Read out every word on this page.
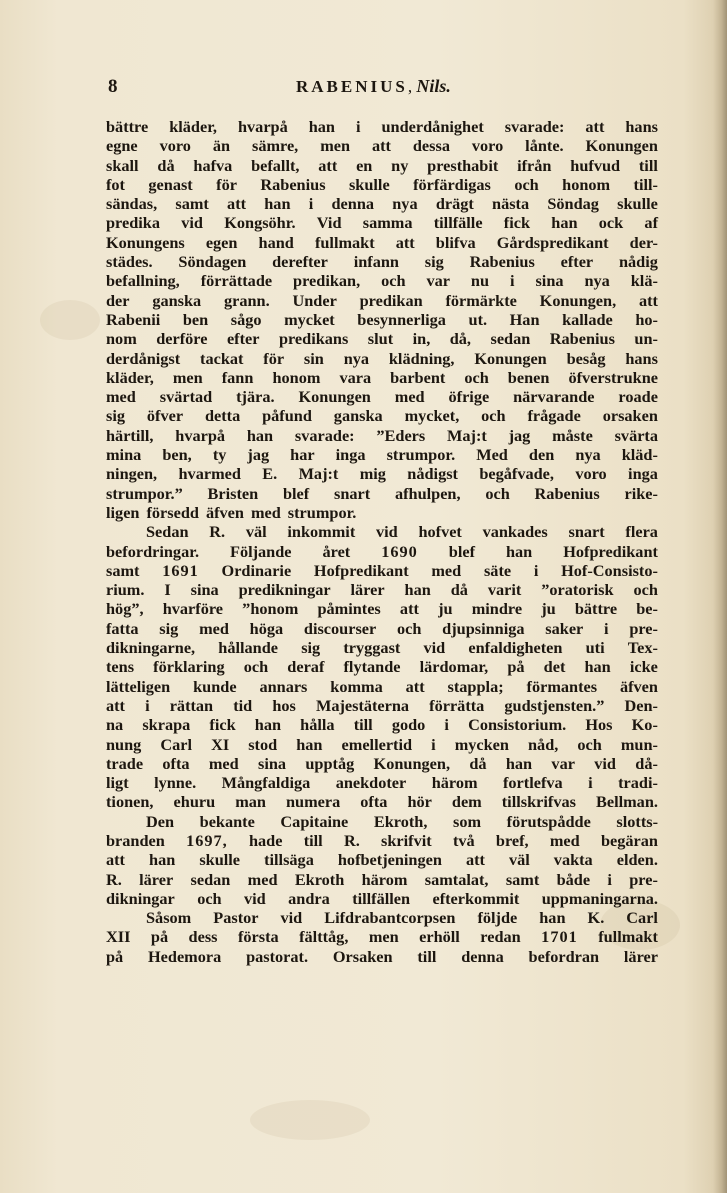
8	RABENIUS, Nils.
bättre kläder, hvarpå han i underdånighet svarade: att hans
egne voro än sämre, men att dessa voro lånte. Konungen
skall då hafva befallt, att en ny presthabit ifrån hufvud till
fot genast för Rabenius skulle förfärdigas och honom till-
sändas, samt att han i denna nya drägt nästa Söndag skulle
predika vid Kongsöhr. Vid samma tillfälle fick han ock af
Konungens egen hand fullmakt att blifva Gårdspredikant der-
städes. Söndagen derefter infann sig Rabenius efter nådig
befallning, förrättade predikan, och var nu i sina nya klä-
der ganska grann. Under predikan förmärkte Konungen, att
Rabenii ben sågo mycket besynnerliga ut. Han kallade ho-
nom derföre efter predikans slut in, då, sedan Rabenius un-
derdånigst tackat för sin nya klädning, Konungen besåg hans
kläder, men fann honom vara barbent och benen öfverstrukne
med svärtad tjära. Konungen med öfrige närvarande roade
sig öfver detta påfund ganska mycket, och frågade orsaken
härtill, hvarpå han svarade: ”Eders Maj:t jag måste svärta
mina ben, ty jag har inga strumpor. Med den nya kläd-
ningen, hvarmed E. Maj:t mig nådigst begåfvade, voro inga
strumpor.” Bristen blef snart afhulpen, och Rabenius rike-
ligen försedd äfven med strumpor.
Sedan R. väl inkommit vid hofvet vankades snart flera
befordringar. Följande året 1690 blef han Hofpredikant
samt 1691 Ordinarie Hofpredikant med säte i Hof-Consisto-
rium. I sina predikningar lärer han då varit ”oratorisk och
hög”, hvarföre ”honom påmintes att ju mindre ju bättre be-
fatta sig med höga discourser och djupsinniga saker i pre-
dikningarne, hållande sig tryggast vid enfaldigheten uti Tex-
tens förklaring och deraf flytande lärdomar, på det han icke
lätteligen kunde annars komma att stappla; förmantes äfven
att i rättan tid hos Majestäterna förrätta gudstjensten.” Den-
na skrapa fick han hålla till godo i Consistorium. Hos Ko-
nung Carl XI stod han emellertid i mycken nåd, och mun-
trade ofta med sina upptåg Konungen, då han var vid då-
ligt lynne. Mångfaldiga anekdoter härom fortlefva i tradi-
tionen, ehuru man numera ofta hör dem tillskrifvas Bellman.
Den bekante Capitaine Ekroth, som förutspådde slotts-
branden 1697, hade till R. skrifvit två bref, med begäran
att han skulle tillsäga hofbetjeningen att väl vakta elden.
R. lärer sedan med Ekroth härom samtalat, samt både i pre-
dikningar och vid andra tillfällen efterkommit uppmaningarna.
Såsom Pastor vid Lifdrabantcorpsen följde han K. Carl
XII på dess första fälttåg, men erhöll redan 1701 fullmakt
på Hedemora pastorat. Orsaken till denna befordran lärer
